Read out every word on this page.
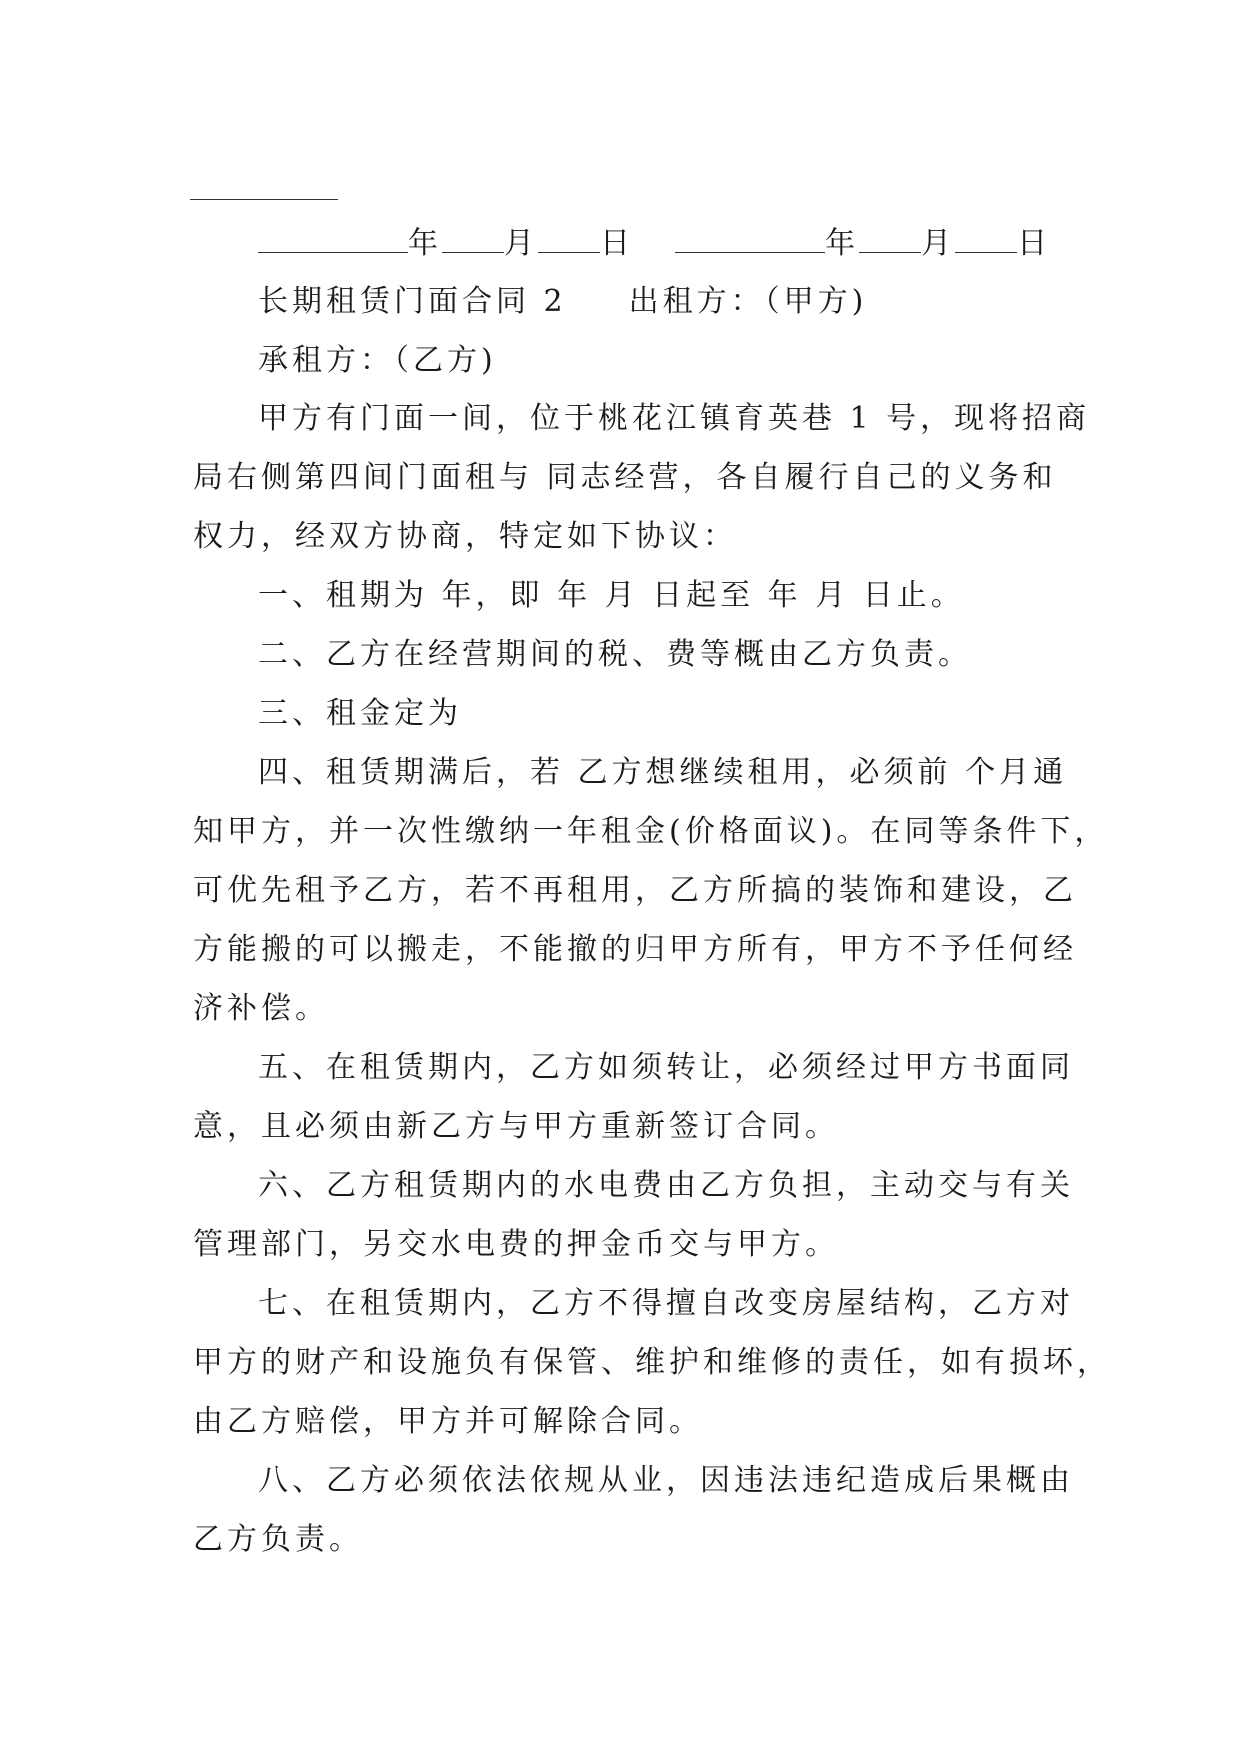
年 月 日	年 月 日
长期租赁门面合同 2 出租方：（甲方)
承租方：（乙方)
甲方有门面一间，位于桃花江镇育英巷 1 号，现将招商
局右侧第四间门面租与 同志经营，各自履行自己的义务和
权力，经双方协商，特定如下协议：
一、租期为 年，即 年 月 日起至 年 月 日止。
二、乙方在经营期间的税、费等概由乙方负责。
三、租金定为
四、租赁期满后，若 乙方想继续租用，必须前 个月通
知甲方，并一次性缴纳一年租金(价格面议)。在同等条件下，
可优先租予乙方，若不再租用，乙方所搞的装饰和建设，乙
方能搬的可以搬走，不能撤的归甲方所有，甲方不予任何经
济补偿。
五、在租赁期内，乙方如须转让，必须经过甲方书面同
意，且必须由新乙方与甲方重新签订合同。
六、乙方租赁期内的水电费由乙方负担，主动交与有关
管理部门，另交水电费的押金币交与甲方。
七、在租赁期内，乙方不得擅自改变房屋结构，乙方对
甲方的财产和设施负有保管、维护和维修的责任，如有损坏，
由乙方赔偿，甲方并可解除合同。
八、乙方必须依法依规从业，因违法违纪造成后果概由
乙方负责。
